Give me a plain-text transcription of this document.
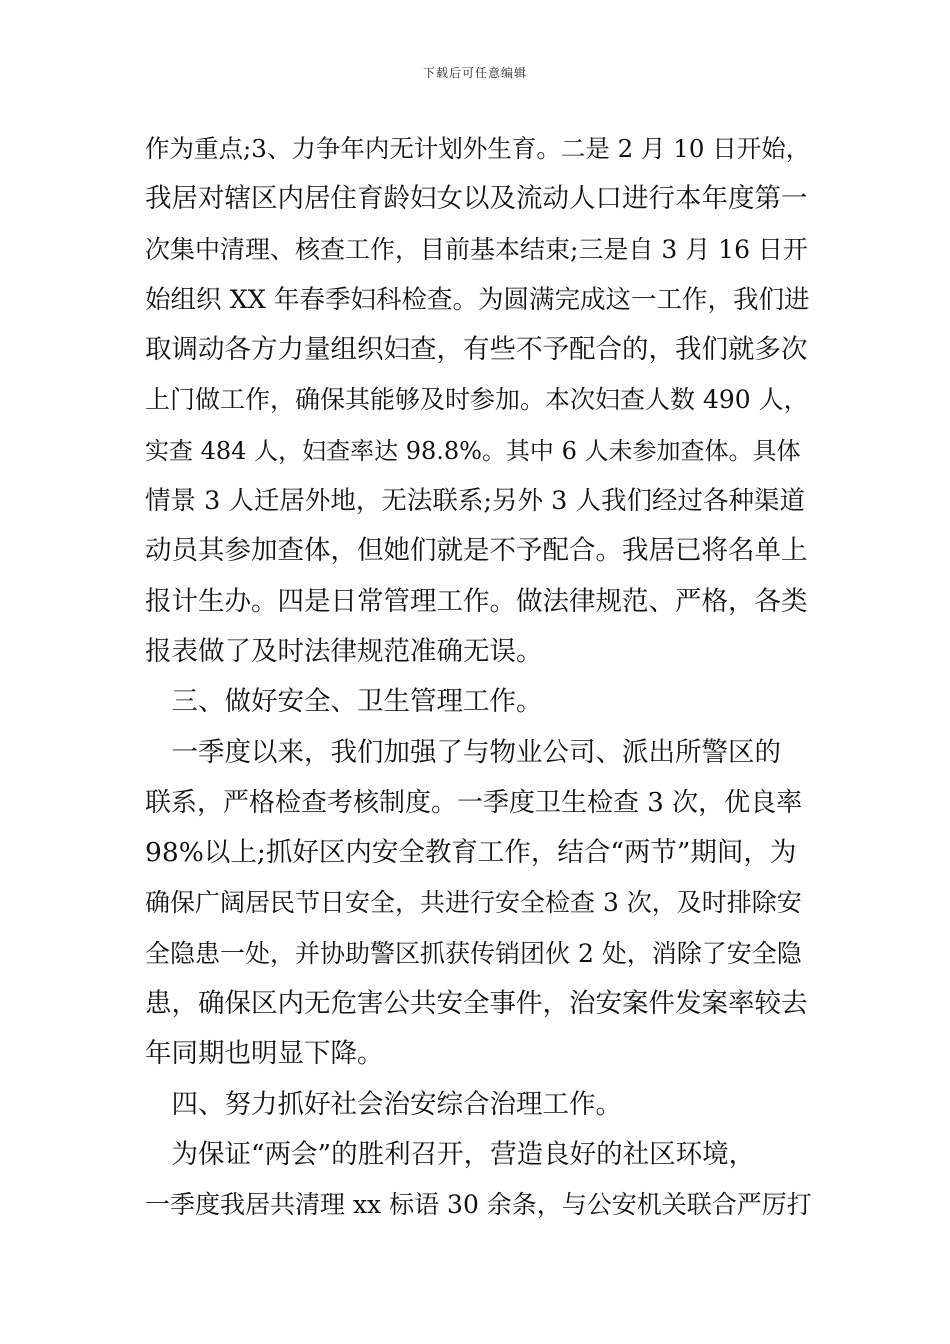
下载后可任意编辑
作为重点;3、力争年内无计划外生育。二是 2 月 10 日开始，
我居对辖区内居住育龄妇女以及流动人口进行本年度第一
次集中清理、核查工作，目前基本结束;三是自 3 月 16 日开
始组织 XX 年春季妇科检查。为圆满完成这一工作，我们进
取调动各方力量组织妇查，有些不予配合的，我们就多次
上门做工作，确保其能够及时参加。本次妇查人数 490 人，
实查 484 人，妇查率达 98.8%。其中 6 人未参加查体。具体
情景 3 人迁居外地，无法联系;另外 3 人我们经过各种渠道
动员其参加查体，但她们就是不予配合。我居已将名单上
报计生办。四是日常管理工作。做法律规范、严格，各类
报表做了及时法律规范准确无误。
　三、做好安全、卫生管理工作。
　一季度以来，我们加强了与物业公司、派出所警区的
联系，严格检查考核制度。一季度卫生检查 3 次，优良率
98%以上;抓好区内安全教育工作，结合“两节”期间，为
确保广阔居民节日安全，共进行安全检查 3 次，及时排除安
全隐患一处，并协助警区抓获传销团伙 2 处，消除了安全隐
患，确保区内无危害公共安全事件，治安案件发案率较去
年同期也明显下降。
　四、努力抓好社会治安综合治理工作。
　为保证“两会”的胜利召开，营造良好的社区环境，
一季度我居共清理 xx 标语 30 余条，与公安机关联合严厉打
